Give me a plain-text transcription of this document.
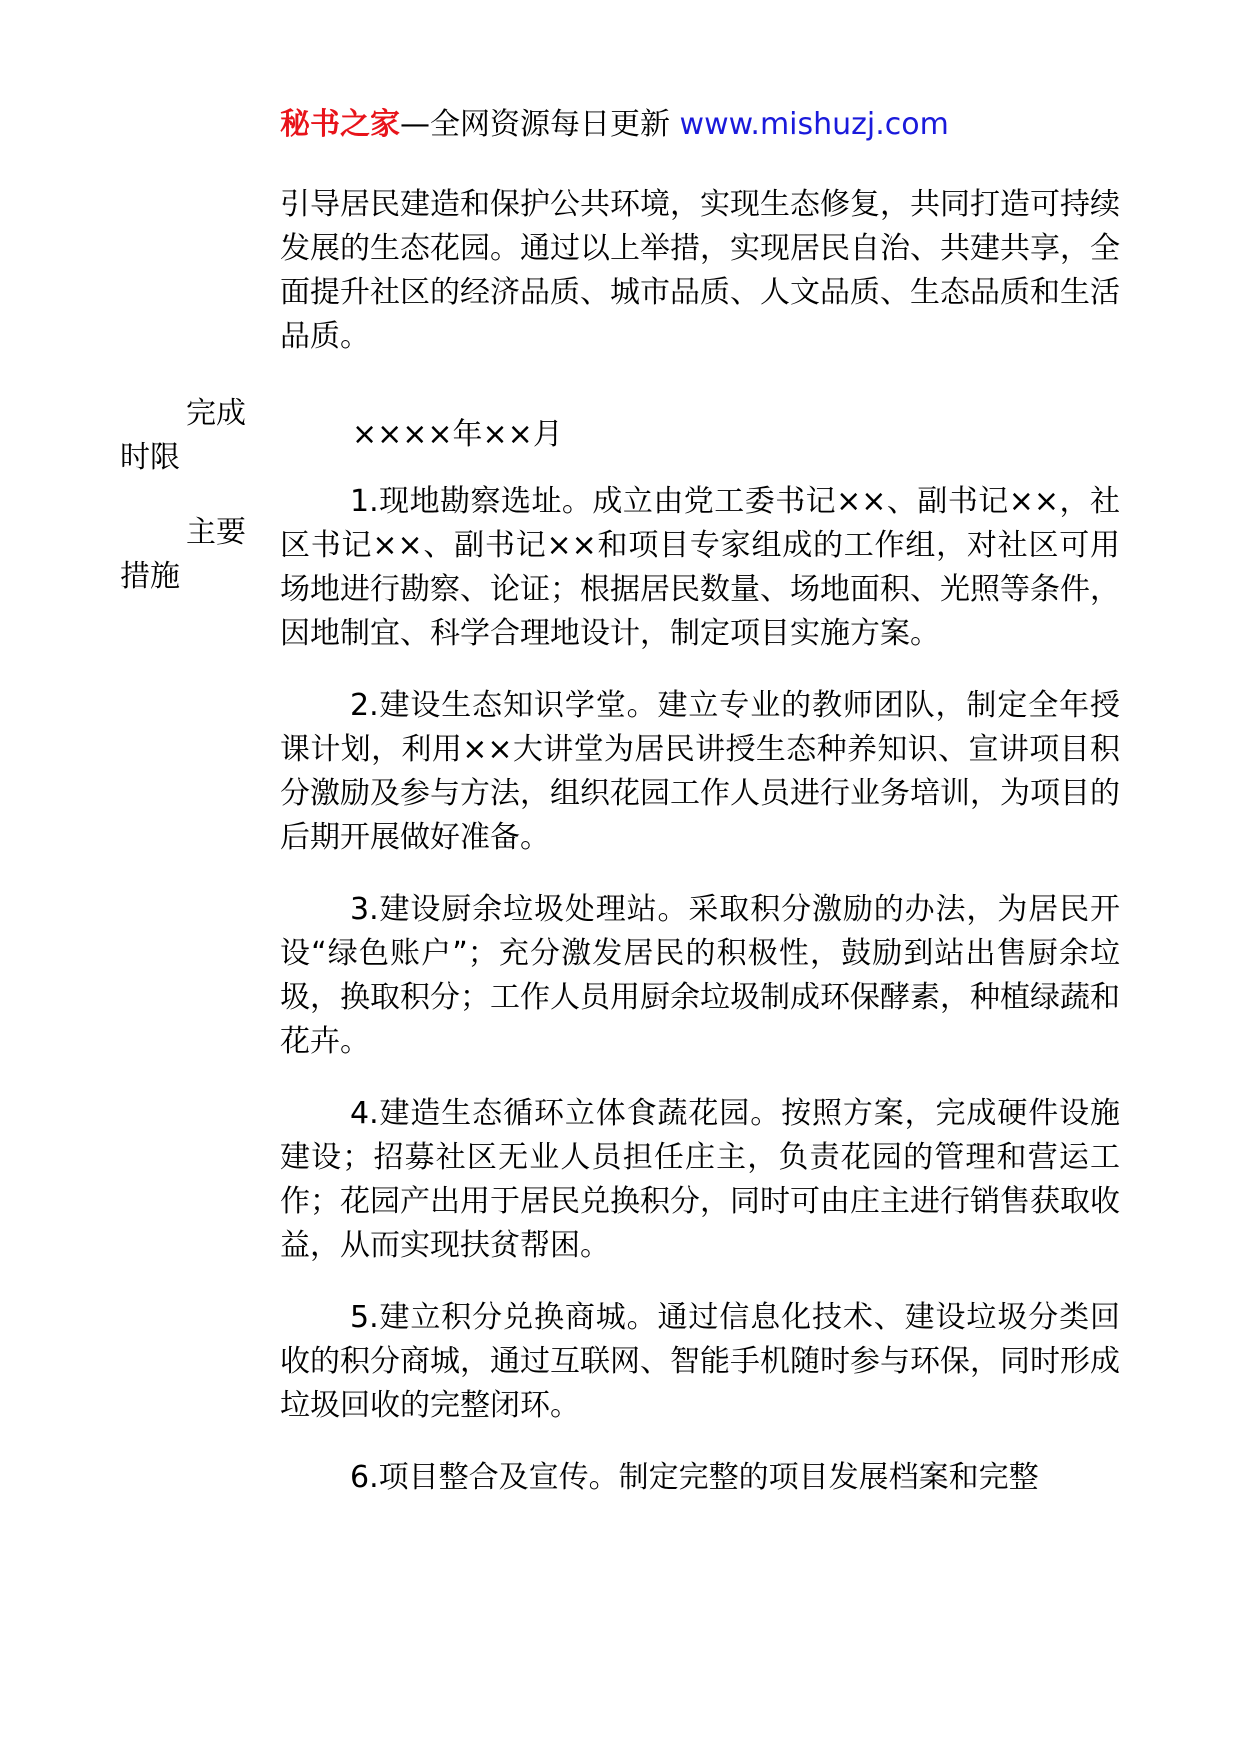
秘书之家—全网资源每日更新 www.mishuzj.com

引导居民建造和保护公共环境，实现生态修复，共同打造可持续发展的生态花园。通过以上举措，实现居民自治、共建共享，全面提升社区的经济品质、城市品质、人文品质、生态品质和生活品质。

完成
时限
××××年××月
主要
措施

1.现地勘察选址。成立由党工委书记××、副书记××，社区书记××、副书记××和项目专家组成的工作组，对社区可用场地进行勘察、论证；根据居民数量、场地面积、光照等条件，因地制宜、科学合理地设计，制定项目实施方案。

2.建设生态知识学堂。建立专业的教师团队，制定全年授课计划，利用××大讲堂为居民讲授生态种养知识、宣讲项目积分激励及参与方法，组织花园工作人员进行业务培训，为项目的后期开展做好准备。

3.建设厨余垃圾处理站。采取积分激励的办法，为居民开设“绿色账户”；充分激发居民的积极性，鼓励到站出售厨余垃圾，换取积分；工作人员用厨余垃圾制成环保酵素，种植绿蔬和花卉。

4.建造生态循环立体食蔬花园。按照方案，完成硬件设施建设；招募社区无业人员担任庄主，负责花园的管理和营运工作；花园产出用于居民兑换积分，同时可由庄主进行销售获取收益，从而实现扶贫帮困。

5.建立积分兑换商城。通过信息化技术、建设垃圾分类回收的积分商城，通过互联网、智能手机随时参与环保，同时形成垃圾回收的完整闭环。

6.项目整合及宣传。制定完整的项目发展档案和完整
